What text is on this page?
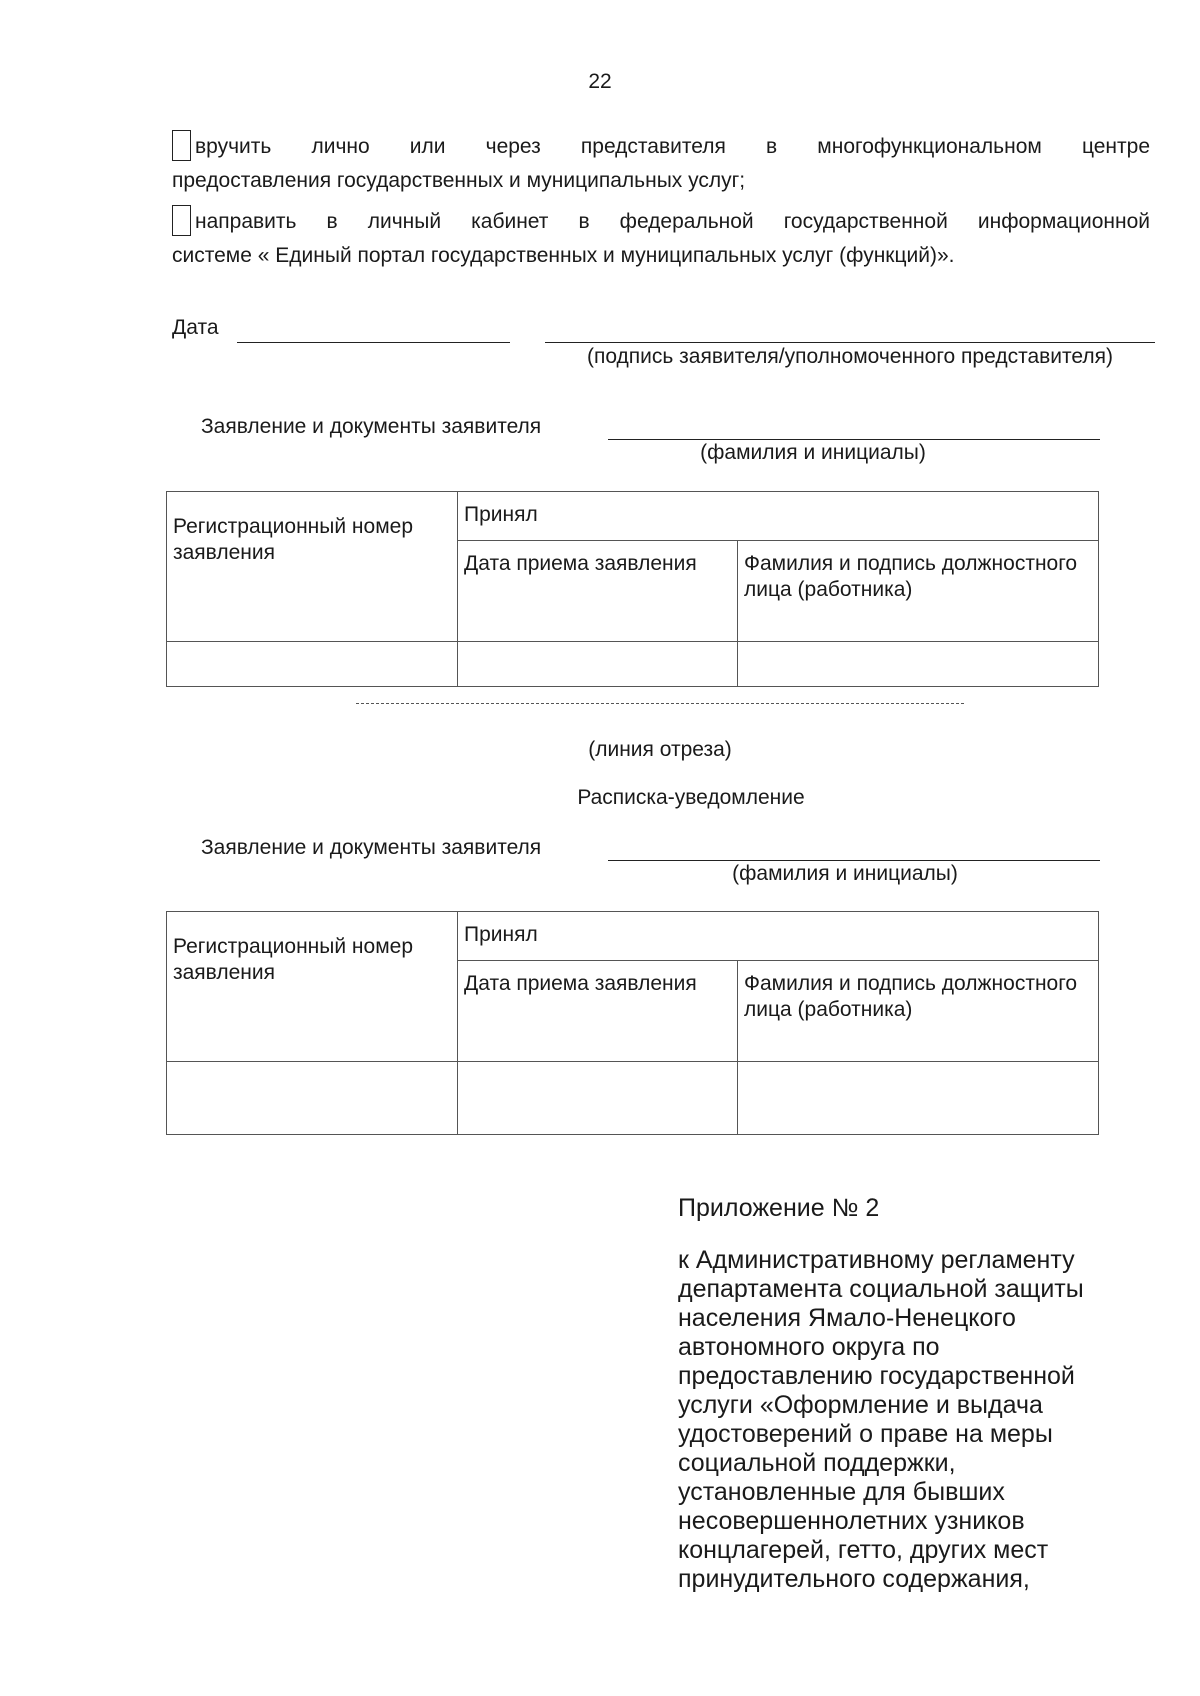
22
вручить лично или через представителя в многофункциональном центре
предоставления государственных и муниципальных услуг;
направить в личный кабинет в федеральной государственной информационной
системе « Единый портал государственных и муниципальных услуг (функций)».
Дата
(подпись заявителя/уполномоченного представителя)
Заявление и документы заявителя
(фамилия и инициалы)
Регистрационный номер заявления	Принял	
	Дата приема заявления	Фамилия и подпись должностного лица (работника)

(линия отреза)
Расписка-уведомление
Заявление и документы заявителя
(фамилия и инициалы)
Регистрационный номер заявления	Принял	
	Дата приема заявления	Фамилия и подпись должностного лица (работника)

Приложение № 2
к Административному регламенту
департамента социальной защиты
населения Ямало-Ненецкого
автономного округа по
предоставлению государственной
услуги «Оформление и выдача
удостоверений о праве на меры
социальной поддержки,
установленные для бывших
несовершеннолетних узников
концлагерей, гетто, других мест
принудительного содержания,
